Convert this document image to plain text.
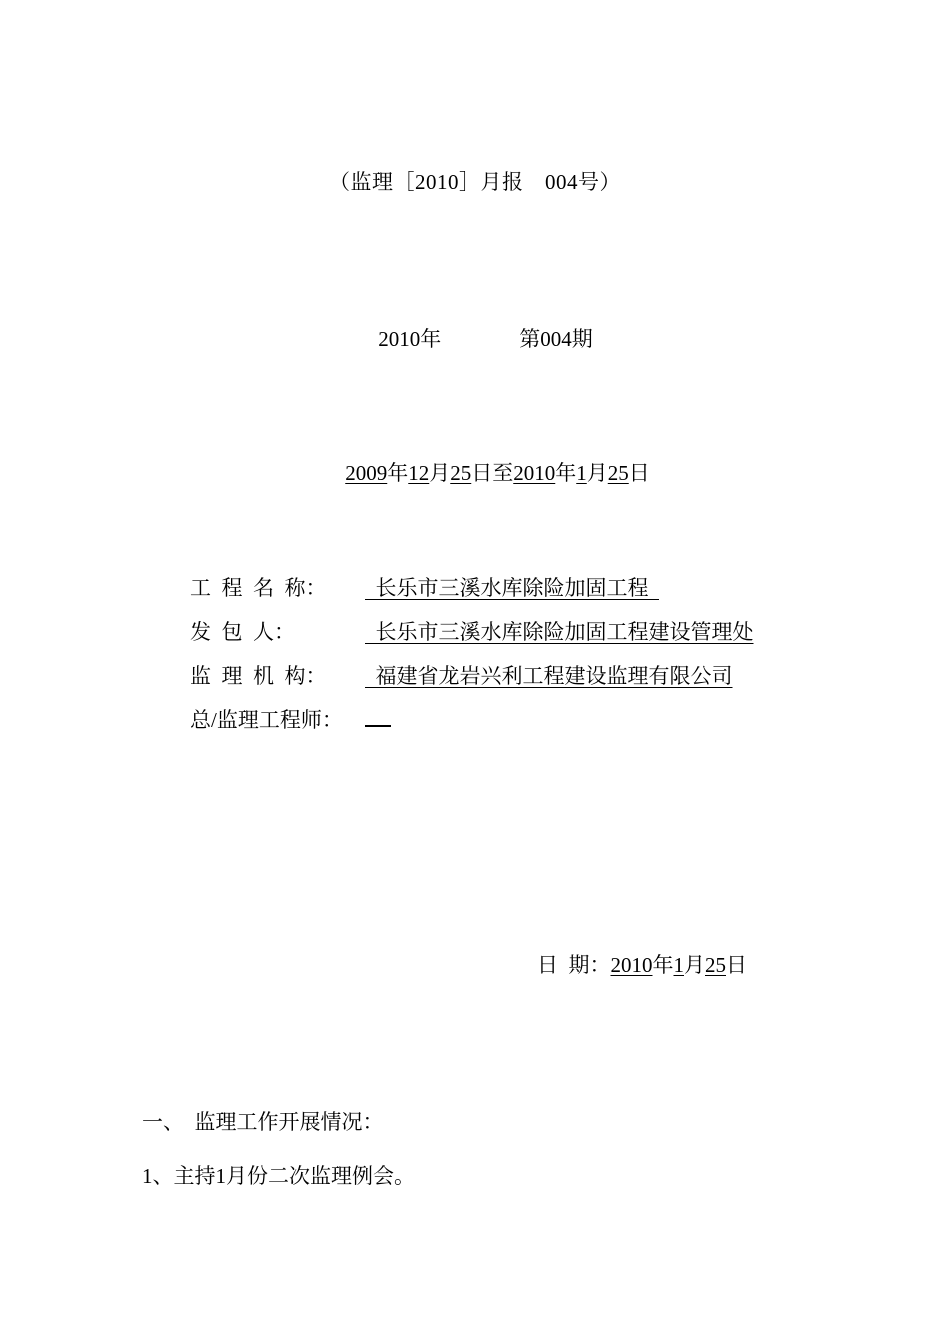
（监理［2010］月报　004号）

2010年	第004期

2009年12月25日至2010年1月25日

工  程  名  称：	长乐市三溪水库除险加固工程
发  包  人：	长乐市三溪水库除险加固工程建设管理处
监  理  机  构：	福建省龙岩兴利工程建设监理有限公司
总/监理工程师：

日  期：2010年1月25日

一、  监理工作开展情况：
1、主持1月份二次监理例会。
